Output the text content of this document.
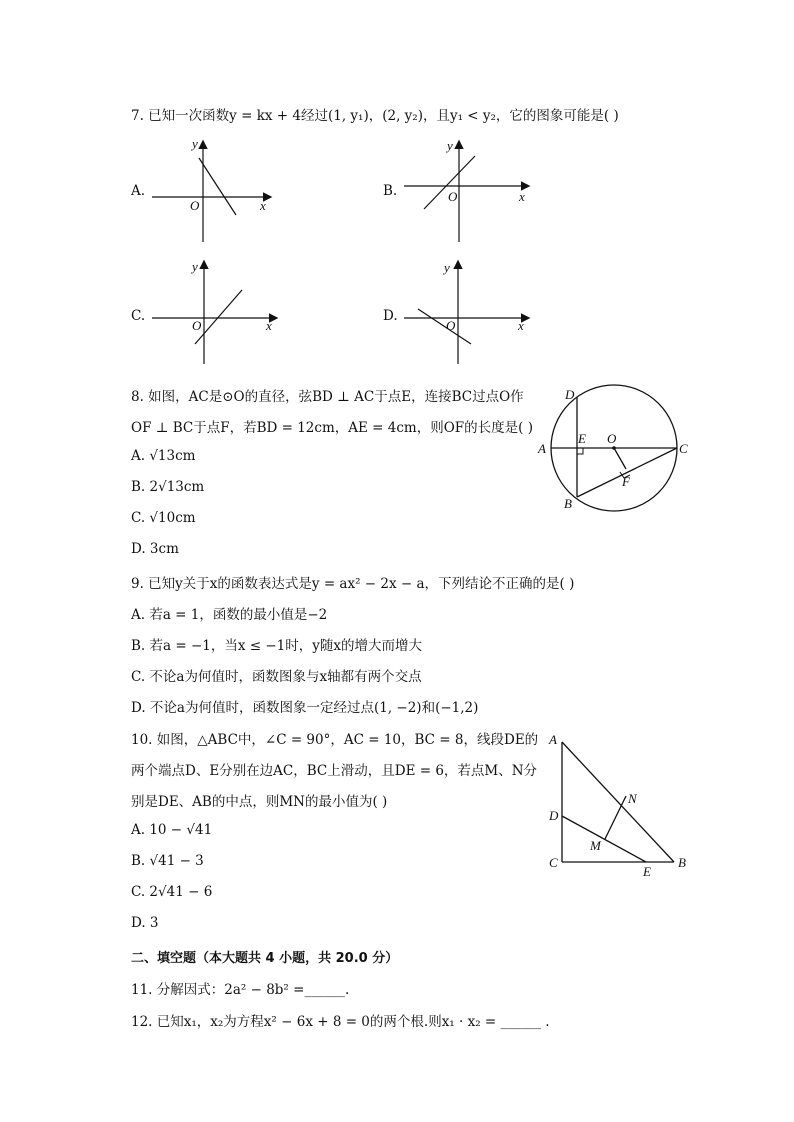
7. 已知一次函数y = kx + 4经过(1, y₁)，(2, y₂)，且y₁ < y₂，它的图象可能是( )
A.
y
x
O
B.
y
x
O
C.
y
x
O
D.
y
x
O
8. 如图，AC是⊙O的直径，弦BD ⊥ AC于点E，连接BC过点O作
OF ⊥ BC于点F，若BD = 12cm，AE = 4cm，则OF的长度是( )
A. √13cm
B. 2√13cm
C. √10cm
D. 3cm
D
A
E O
C
F
B
9. 已知y关于x的函数表达式是y = ax² − 2x − a，下列结论不正确的是( )
A. 若a = 1，函数的最小值是−2
B. 若a = −1，当x ≤ −1时，y随x的增大而增大
C. 不论a为何值时，函数图象与x轴都有两个交点
D. 不论a为何值时，函数图象一定经过点(1, −2)和(−1,2)
10. 如图，△ABC中，∠C = 90°，AC = 10，BC = 8，线段DE的
两个端点D、E分别在边AC，BC上滑动，且DE = 6，若点M、N分
别是DE、AB的中点，则MN的最小值为( )
A. 10 − √41
B. √41 − 3
C. 2√41 − 6
D. 3
A
N
D
M
C
E
B
二、填空题（本大题共 4 小题，共 20.0 分）
11. 分解因式：2a² − 8b² =______.
12. 已知x₁，x₂为方程x² − 6x + 8 = 0的两个根.则x₁ · x₂ = ______ .
